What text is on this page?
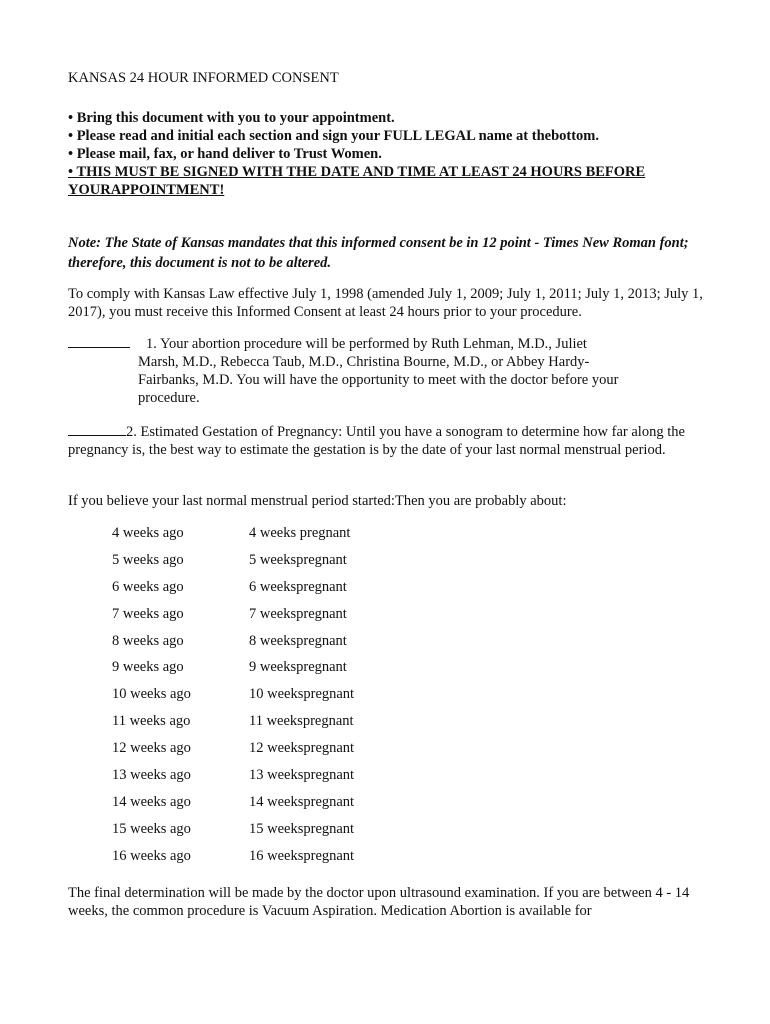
KANSAS 24 HOUR INFORMED CONSENT
• Bring this document with you to your appointment.
• Please read and initial each section and sign your FULL LEGAL name at thebottom.
• Please mail, fax, or hand deliver to Trust Women.
• THIS MUST BE SIGNED WITH THE DATE AND TIME AT LEAST 24 HOURS BEFORE YOURAPPOINTMENT!
Note: The State of Kansas mandates that this informed consent be in 12 point - Times New Roman font; therefore, this document is not to be altered.
To comply with Kansas Law effective July 1, 1998 (amended July 1, 2009; July 1, 2011; July 1, 2013; July 1, 2017), you must receive this Informed Consent at least 24 hours prior to your procedure.
1. Your abortion procedure will be performed by Ruth Lehman, M.D., Juliet Marsh, M.D., Rebecca Taub, M.D., Christina Bourne, M.D., or Abbey Hardy-Fairbanks, M.D. You will have the opportunity to meet with the doctor before your procedure.
2. Estimated Gestation of Pregnancy: Until you have a sonogram to determine how far along the pregnancy is, the best way to estimate the gestation is by the date of your last normal menstrual period.
If you believe your last normal menstrual period started:Then you are probably about:
4 weeks ago	4 weeks pregnant
5 weeks ago	5 weekspregnant
6 weeks ago	6 weekspregnant
7 weeks ago	7 weekspregnant
8 weeks ago	8 weekspregnant
9 weeks ago	9 weekspregnant
10 weeks ago	10 weekspregnant
11 weeks ago	11 weekspregnant
12 weeks ago	12 weekspregnant
13 weeks ago	13 weekspregnant
14 weeks ago	14 weekspregnant
15 weeks ago	15 weekspregnant
16 weeks ago	16 weekspregnant
The final determination will be made by the doctor upon ultrasound examination. If you are between 4 - 14 weeks, the common procedure is Vacuum Aspiration. Medication Abortion is available for
